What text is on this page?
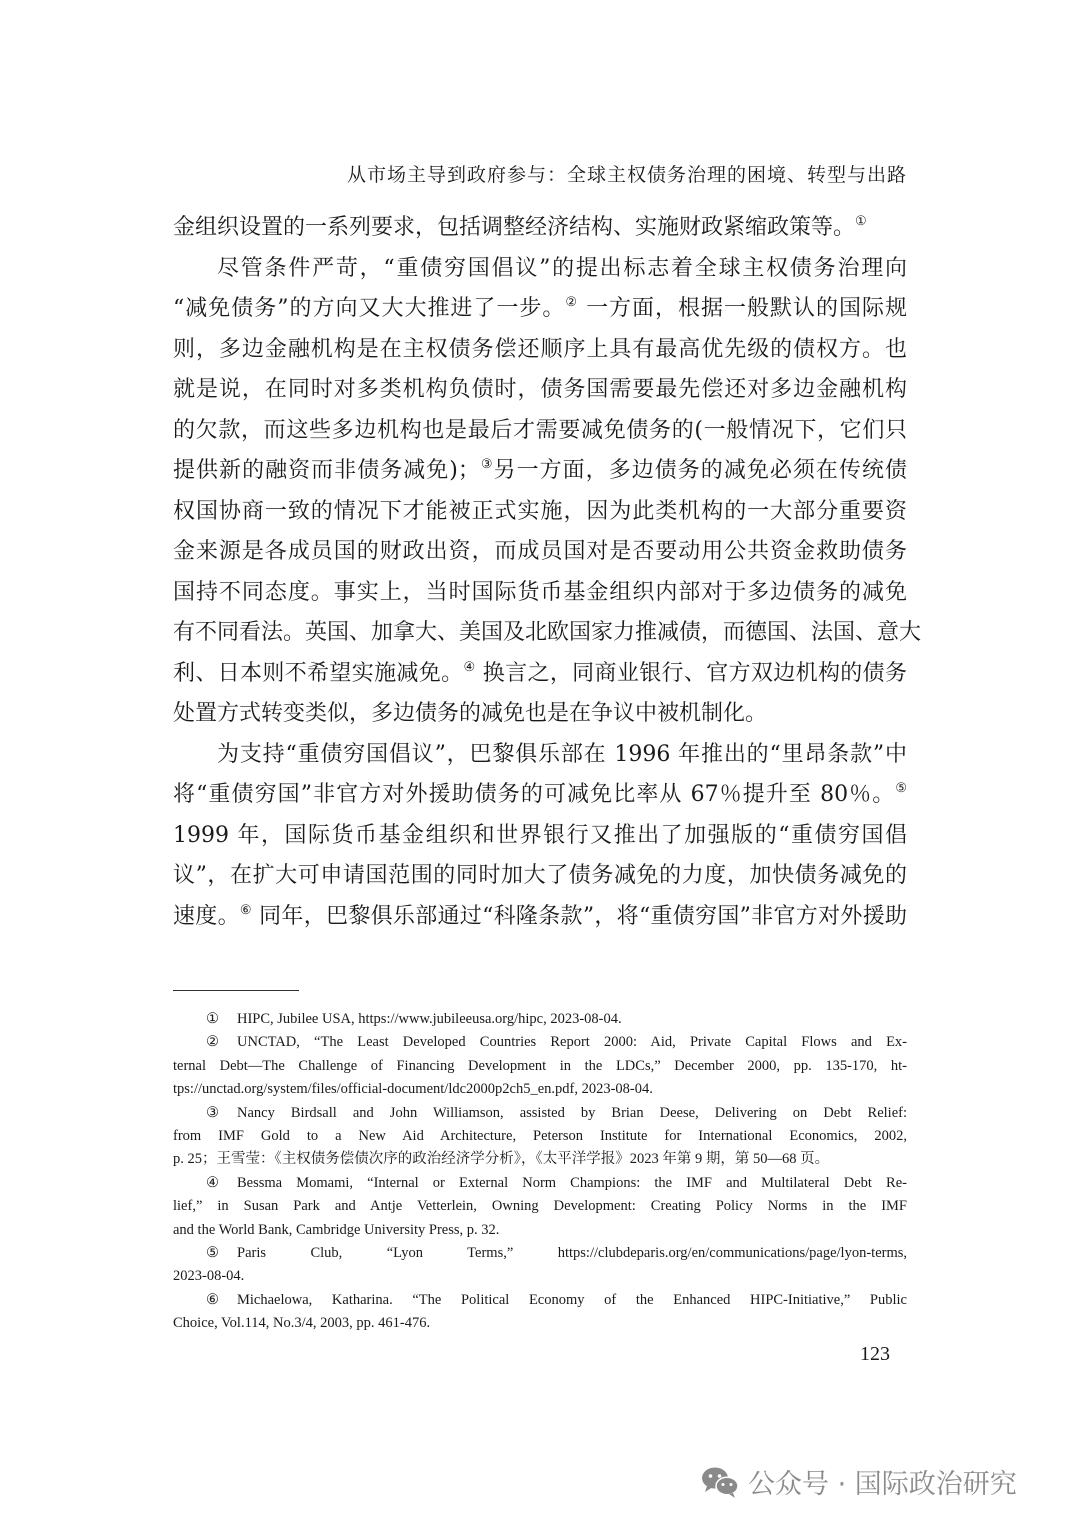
从市场主导到政府参与：全球主权债务治理的困境、转型与出路
金组织设置的一系列要求，包括调整经济结构、实施财政紧缩政策等。①
尽管条件严苛，“重债穷国倡议”的提出标志着全球主权债务治理向
“减免债务”的方向又大大推进了一步。② 一方面，根据一般默认的国际规
则，多边金融机构是在主权债务偿还顺序上具有最高优先级的债权方。也
就是说，在同时对多类机构负债时，债务国需要最先偿还对多边金融机构
的欠款，而这些多边机构也是最后才需要减免债务的(一般情况下，它们只
提供新的融资而非债务减免)；③另一方面，多边债务的减免必须在传统债
权国协商一致的情况下才能被正式实施，因为此类机构的一大部分重要资
金来源是各成员国的财政出资，而成员国对是否要动用公共资金救助债务
国持不同态度。事实上，当时国际货币基金组织内部对于多边债务的减免
有不同看法。英国、加拿大、美国及北欧国家力推减债，而德国、法国、意大
利、日本则不希望实施减免。④ 换言之，同商业银行、官方双边机构的债务
处置方式转变类似，多边债务的减免也是在争议中被机制化。
为支持“重债穷国倡议”，巴黎俱乐部在 1996 年推出的“里昂条款”中
将“重债穷国”非官方对外援助债务的可减免比率从 67％提升至 80％。⑤
1999 年，国际货币基金组织和世界银行又推出了加强版的“重债穷国倡
议”，在扩大可申请国范围的同时加大了债务减免的力度，加快债务减免的
速度。⑥ 同年，巴黎俱乐部通过“科隆条款”，将“重债穷国”非官方对外援助
① HIPC, Jubilee USA, https://www.jubileeusa.org/hipc, 2023-08-04.
② UNCTAD, “The Least Developed Countries Report 2000: Aid, Private Capital Flows and Ex-
ternal Debt—The Challenge of Financing Development in the LDCs,” December 2000, pp. 135-170, ht-
tps://unctad.org/system/files/official-document/ldc2000p2ch5_en.pdf, 2023-08-04.
③ Nancy Birdsall and John Williamson, assisted by Brian Deese, Delivering on Debt Relief:
from IMF Gold to a New Aid Architecture, Peterson Institute for International Economics, 2002,
p. 25；王雪莹：《主权债务偿债次序的政治经济学分析》，《太平洋学报》2023 年第 9 期，第 50—68 页。
④ Bessma Momami, “Internal or External Norm Champions: the IMF and Multilateral Debt Re-
lief,” in Susan Park and Antje Vetterlein, Owning Development: Creating Policy Norms in the IMF
and the World Bank, Cambridge University Press, p. 32.
⑤ Paris Club, “Lyon Terms,” https://clubdeparis.org/en/communications/page/lyon-terms,
2023-08-04.
⑥ Michaelowa, Katharina. “The Political Economy of the Enhanced HIPC-Initiative,” Public
Choice, Vol.114, No.3/4, 2003, pp. 461-476.
123
公众号 · 国际政治研究
